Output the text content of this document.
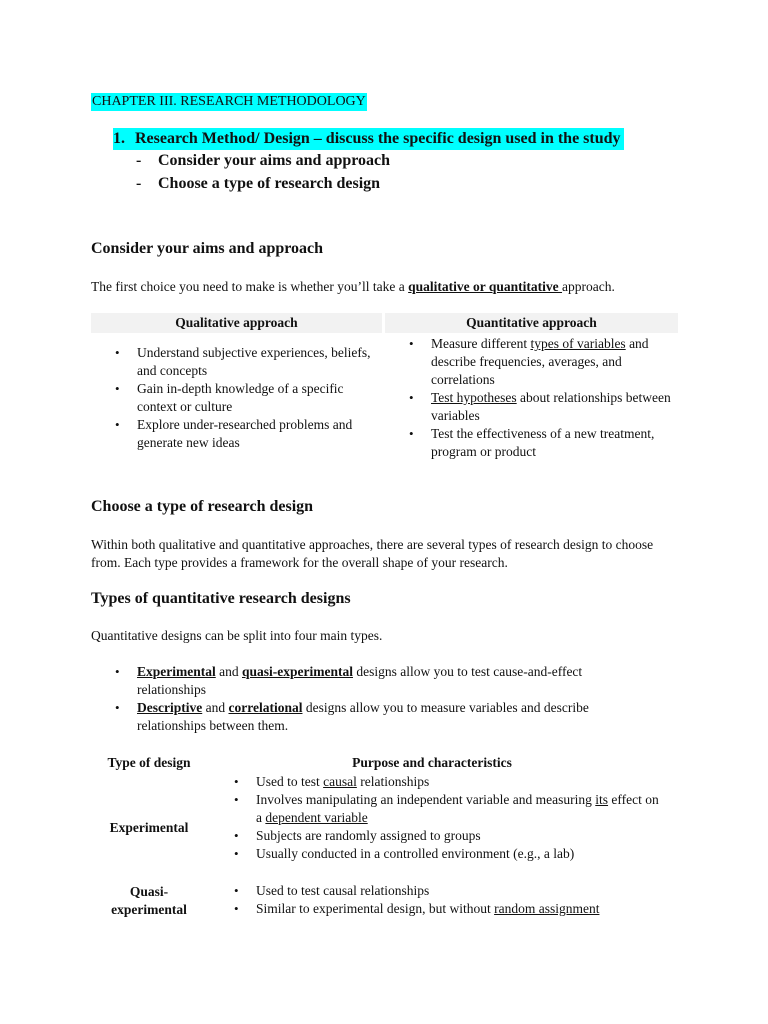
CHAPTER III. RESEARCH METHODOLOGY
1. Research Method/ Design – discuss the specific design used in the study
- Consider your aims and approach
- Choose a type of research design
Consider your aims and approach
The first choice you need to make is whether you’ll take a qualitative or quantitative approach.
Qualitative approach	Quantitative approach
• Understand subjective experiences, beliefs, and concepts
• Gain in-depth knowledge of a specific context or culture
• Explore under-researched problems and generate new ideas
• Measure different types of variables and describe frequencies, averages, and correlations
• Test hypotheses about relationships between variables
• Test the effectiveness of a new treatment, program or product
Choose a type of research design
Within both qualitative and quantitative approaches, there are several types of research design to choose from. Each type provides a framework for the overall shape of your research.
Types of quantitative research designs
Quantitative designs can be split into four main types.
• Experimental and quasi-experimental designs allow you to test cause-and-effect relationships
• Descriptive and correlational designs allow you to measure variables and describe relationships between them.
Type of design	Purpose and characteristics
Experimental
• Used to test causal relationships
• Involves manipulating an independent variable and measuring its effect on a dependent variable
• Subjects are randomly assigned to groups
• Usually conducted in a controlled environment (e.g., a lab)
Quasi-
experimental
• Used to test causal relationships
• Similar to experimental design, but without random assignment
